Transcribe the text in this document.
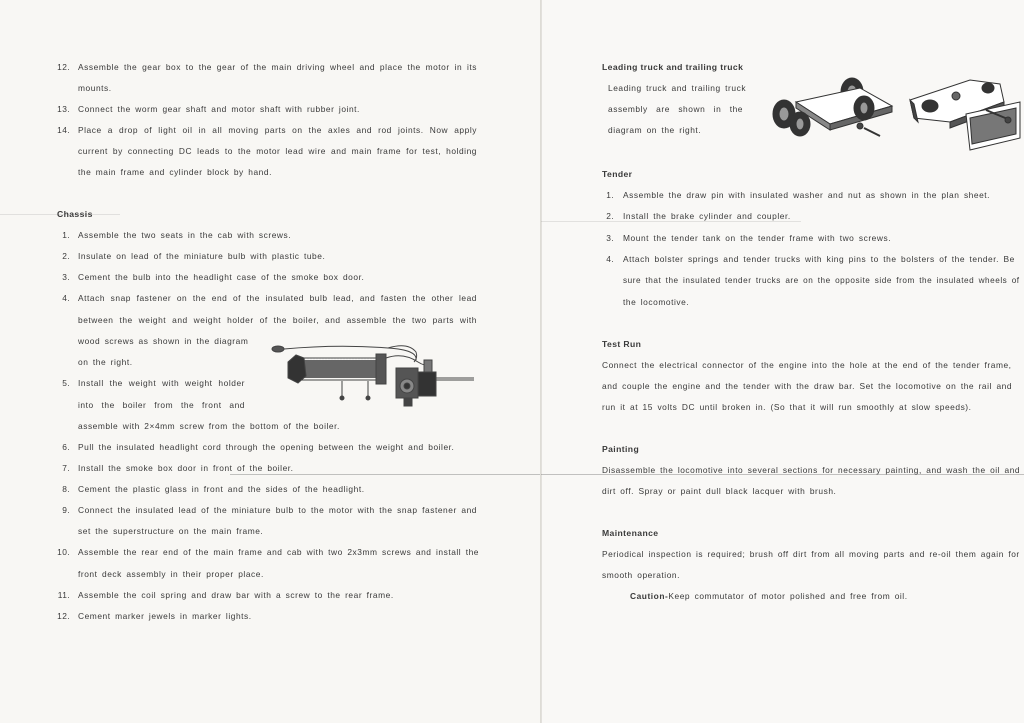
12. Assemble the gear box to the gear of the main driving wheel and place the motor in its

mounts.

13. Connect the worm gear shaft and motor shaft with rubber joint.

14. Place a drop of light oil in all moving parts on the axles and rod joints. Now apply

current by connecting DC leads to the motor lead wire and main frame for test, holding

the main frame and cylinder block by hand.

Chassis

1. Assemble the two seats in the cab with screws.

2. Insulate on lead of the miniature bulb with plastic tube.

3. Cement the bulb into the headlight case of the smoke box door.

4. Attach snap fastener on the end of the insulated bulb lead, and fasten the other lead

between the weight and weight holder of the boiler, and assemble the two parts with

wood screws as shown in the diagram

on the right.

5. Install the weight with weight holder

into the boiler from the front and

assemble with 2×4mm screw from the bottom of the boiler.

6. Pull the insulated headlight cord through the opening between the weight and boiler.

7. Install the smoke box door in front of the boiler.

8. Cement the plastic glass in front and the sides of the headlight.

9. Connect the insulated lead of the miniature bulb to the motor with the snap fastener and

set the superstructure on the main frame.

10. Assemble the rear end of the main frame and cab with two 2x3mm screws and install the

front deck assembly in their proper place.

11. Assemble the coil spring and draw bar with a screw to the rear frame.

12. Cement marker jewels in marker lights.

Leading truck and trailing truck

Leading truck and trailing truck

assembly are shown in the

diagram on the right.

Tender

1. Assemble the draw pin with insulated washer and nut as shown in the plan sheet.

2. Install the brake cylinder and coupler.

3. Mount the tender tank on the tender frame with two screws.

4. Attach bolster springs and tender trucks with king pins to the bolsters of the tender. Be

sure that the insulated tender trucks are on the opposite side from the insulated wheels of

the locomotive.

Test Run

Connect the electrical connector of the engine into the hole at the end of the tender frame,

and couple the engine and the tender with the draw bar. Set the locomotive on the rail and

run it at 15 volts DC until broken in. (So that it will run smoothly at slow speeds).

Painting

Disassemble the locomotive into several sections for necessary painting, and wash the oil and

dirt off. Spray or paint dull black lacquer with brush.

Maintenance

Periodical inspection is required; brush off dirt from all moving parts and re-oil them again for

smooth operation.

Caution-Keep commutator of motor polished and free from oil.
